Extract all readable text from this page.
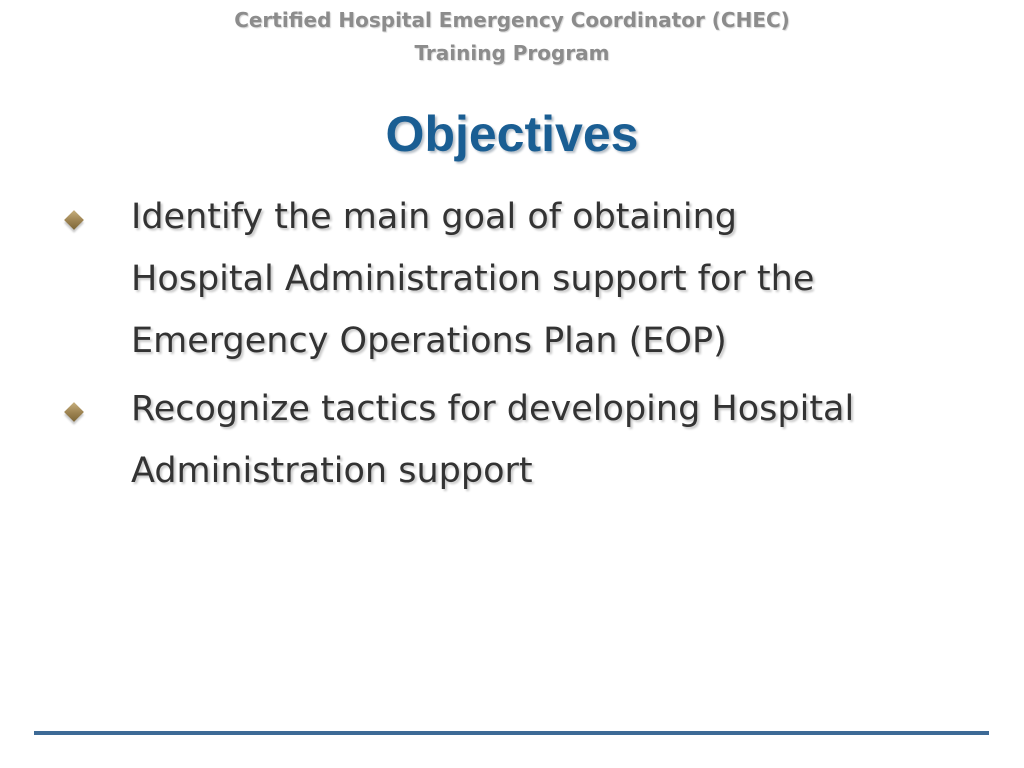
Certified Hospital Emergency Coordinator (CHEC)
Training Program
Objectives
Identify the main goal of obtaining
Hospital Administration support for the
Emergency Operations Plan (EOP)
Recognize tactics for developing Hospital
Administration support
